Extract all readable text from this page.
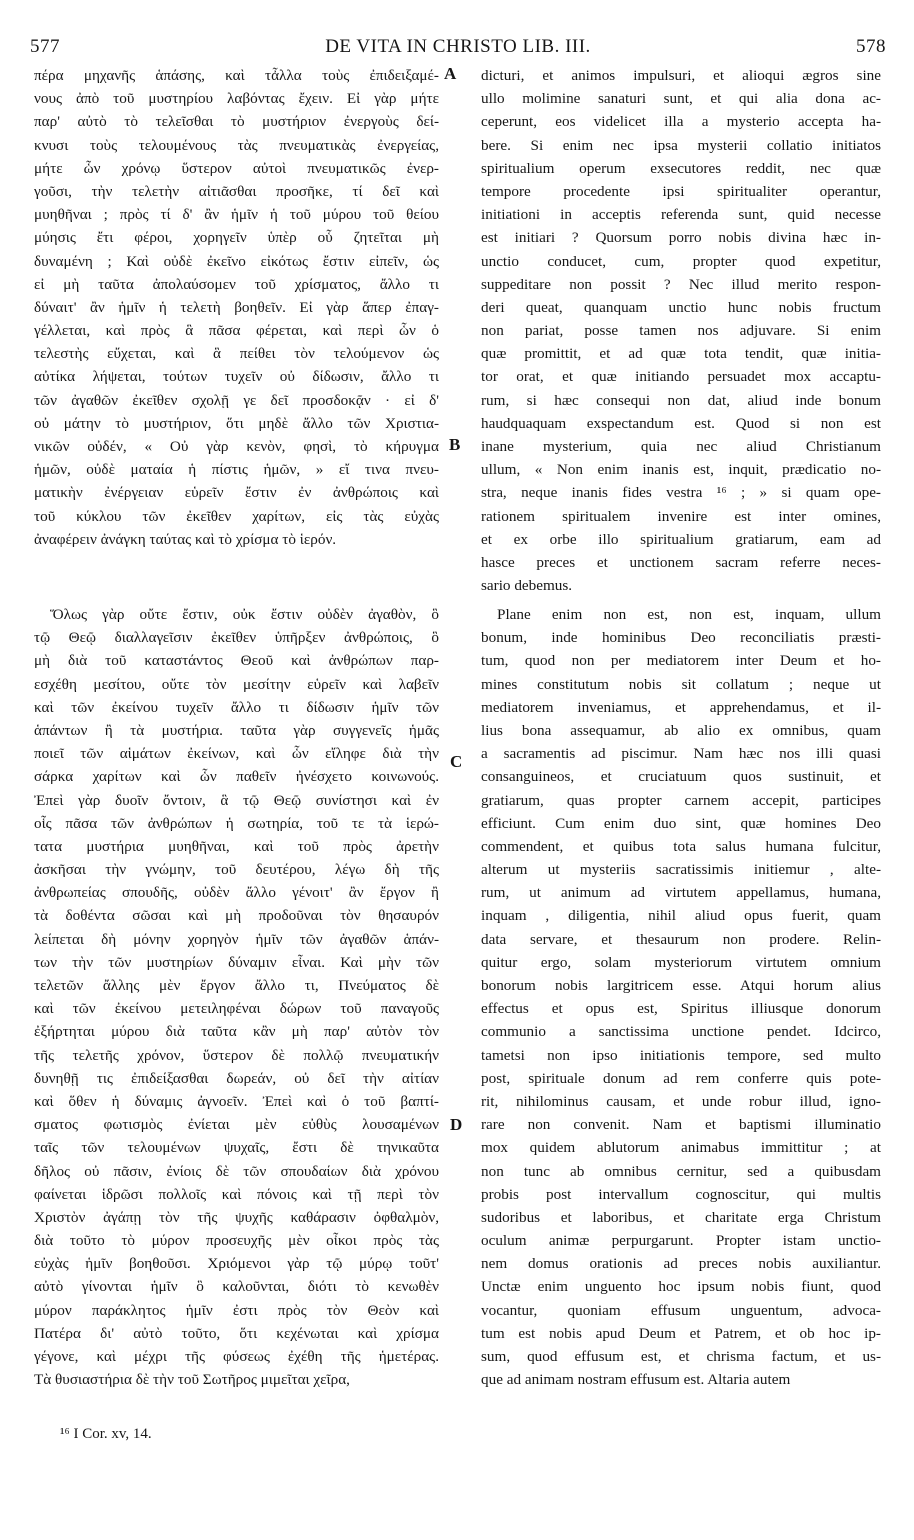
577	DE VITA IN CHRISTO LIB. III.	578
πέρα μηχανῆς ἁπάσης, καὶ τἆλλα τοὺς ἐπιδειξαμέ-
νους ἀπὸ τοῦ μυστηρίου λαβόντας ἔχειν. Εἰ γὰρ μήτε
παρ' αὐτὸ τὸ τελεῖσθαι τὸ μυστήριον ἐνεργοὺς δεί-
κνυσι τοὺς τελουμένους τὰς πνευματικὰς ἐνεργείας,
μήτε ὧν χρόνῳ ὕστερον αὐτοὶ πνευματικῶς ἐνερ-
γοῦσι, τὴν τελετὴν αἰτιᾶσθαι προσῆκε, τί δεῖ καὶ
μυηθῆναι ; πρὸς τί δ' ἂν ἡμῖν ἡ τοῦ μύρου τοῦ θείου
μύησις ἔτι φέροι, χορηγεῖν ὑπὲρ οὗ ζητεῖται μὴ
δυναμένη ; Καὶ οὐδὲ ἐκεῖνο εἰκότως ἔστιν εἰπεῖν, ὡς
εἰ μὴ ταῦτα ἀπολαύσομεν τοῦ χρίσματος, ἄλλο τι
δύναιτ' ἂν ἡμῖν ἡ τελετὴ βοηθεῖν. Εἰ γὰρ ἅπερ ἐπαγ-
γέλλεται, καὶ πρὸς ἃ πᾶσα φέρεται, καὶ περὶ ὧν ὁ
τελεστὴς εὔχεται, καὶ ἃ πείθει τὸν τελούμενον ὡς
αὐτίκα λήψεται, τούτων τυχεῖν οὐ δίδωσιν, ἄλλο τι
τῶν ἀγαθῶν ἐκεῖθεν σχολῇ γε δεῖ προσδοκᾷν · εἰ δ'
οὐ μάτην τὸ μυστήριον, ὅτι μηδὲ ἄλλο τῶν Χριστια-
νικῶν οὐδέν, « Οὐ γὰρ κενὸν, φησὶ, τὸ κήρυγμα
ἡμῶν, οὐδὲ ματαία ἡ πίστις ἡμῶν, » εἴ τινα πνευ-
ματικὴν ἐνέργειαν εὑρεῖν ἔστιν ἐν ἀνθρώποις καὶ
τοῦ κύκλου τῶν ἐκεῖθεν χαρίτων, εἰς τὰς εὐχὰς
ἀναφέρειν ἀνάγκη ταύτας καὶ τὸ χρίσμα τὸ ἱερόν.
dicturi, et animos impulsuri, et alioqui ægros sine
ullo molimine sanaturi sunt, et qui alia dona ac-
ceperunt, eos videlicet illa a mysterio accepta ha-
bere. Si enim nec ipsa mysterii collatio initiatos
spiritualium operum exsecutores reddit, nec quæ
tempore procedente ipsi spiritualiter operantur,
initiationi in acceptis referenda sunt, quid necesse
est initiari ? Quorsum porro nobis divina hæc in-
unctio conducet, cum, propter quod expetitur,
suppeditare non possit ? Nec illud merito respon-
deri queat, quanquam unctio hunc nobis fructum
non pariat, posse tamen nos adjuvare. Si enim
quæ promittit, et ad quæ tota tendit, quæ initia-
tor orat, et quæ initiando persuadet mox accaptu-
rum, si hæc consequi non dat, aliud inde bonum
haudquaquam exspectandum est. Quod si non est
inane mysterium, quia nec aliud Christianum
ullum, « Non enim inanis est, inquit, prædicatio no-
stra, neque inanis fides vestra ¹⁶ ; » si quam ope-
rationem spiritualem invenire est inter omines,
et ex orbe illo spiritualium gratiarum, eam ad
hasce preces et unctionem sacram referre neces-
sario debemus.
Ὅλως γὰρ οὔτε ἔστιν, οὐκ ἔστιν οὐδὲν ἀγαθὸν, ὃ
τῷ Θεῷ διαλλαγεῖσιν ἐκεῖθεν ὑπῆρξεν ἀνθρώποις, ὃ
μὴ διὰ τοῦ καταστάντος Θεοῦ καὶ ἀνθρώπων παρ-
εσχέθη μεσίτου, οὔτε τὸν μεσίτην εὑρεῖν καὶ λαβεῖν
καὶ τῶν ἐκείνου τυχεῖν ἄλλο τι δίδωσιν ἡμῖν τῶν
ἁπάντων ἢ τὰ μυστήρια. ταῦτα γὰρ συγγενεῖς ἡμᾶς
ποιεῖ τῶν αἱμάτων ἐκείνων, καὶ ὧν εἴληφε διὰ τὴν
σάρκα χαρίτων καὶ ὧν παθεῖν ἠνέσχετο κοινωνούς.
Ἐπεὶ γὰρ δυοῖν ὄντοιν, ἃ τῷ Θεῷ συνίστησι καὶ ἐν
οἷς πᾶσα τῶν ἀνθρώπων ἡ σωτηρία, τοῦ τε τὰ ἱερώ-
τατα μυστήρια μυηθῆναι, καὶ τοῦ πρὸς ἀρετὴν
ἀσκῆσαι τὴν γνώμην, τοῦ δευτέρου, λέγω δὴ τῆς
ἀνθρωπείας σπουδῆς, οὐδὲν ἄλλο γένοιτ' ἂν ἔργον ἢ
τὰ δοθέντα σῶσαι καὶ μὴ προδοῦναι τὸν θησαυρόν
λείπεται δὴ μόνην χορηγὸν ἡμῖν τῶν ἀγαθῶν ἁπάν-
των τὴν τῶν μυστηρίων δύναμιν εἶναι. Καὶ μὴν τῶν
τελετῶν ἄλλης μὲν ἔργον ἄλλο τι, Πνεύματος δὲ
καὶ τῶν ἐκείνου μετειληφέναι δώρων τοῦ παναγοῦς
ἐξήρτηται μύρου διὰ ταῦτα κἂν μὴ παρ' αὐτὸν τὸν
τῆς τελετῆς χρόνον, ὕστερον δὲ πολλῷ πνευματικήν
δυνηθῇ τις ἐπιδείξασθαι δωρεάν, οὐ δεῖ τὴν αἰτίαν
καὶ ὅθεν ἡ δύναμις ἀγνοεῖν. Ἐπεὶ καὶ ὁ τοῦ βαπτί-
σματος φωτισμὸς ἐνίεται μὲν εὐθὺς λουσαμένων
ταῖς τῶν τελουμένων ψυχαῖς, ἔστι δὲ τηνικαῦτα
δῆλος οὐ πᾶσιν, ἐνίοις δὲ τῶν σπουδαίων διὰ χρόνου
φαίνεται ἱδρῶσι πολλοῖς καὶ πόνοις καὶ τῇ περὶ τὸν
Χριστὸν ἀγάπῃ τὸν τῆς ψυχῆς καθάρασιν ὀφθαλμὸν,
διὰ τοῦτο τὸ μύρον προσευχῆς μὲν οἶκοι πρὸς τὰς
εὐχὰς ἡμῖν βοηθοῦσι. Χριόμενοι γὰρ τῷ μύρῳ τοῦτ'
αὐτὸ γίνονται ἡμῖν ὃ καλοῦνται, διότι τὸ κενωθὲν
μύρον παράκλητος ἡμῖν ἐστι πρὸς τὸν Θεὸν καὶ
Πατέρα δι' αὐτὸ τοῦτο, ὅτι κεχένωται καὶ χρίσμα
γέγονε, καὶ μέχρι τῆς φύσεως ἐχέθη τῆς ἡμετέρας.
Τὰ θυσιαστήρια δὲ τὴν τοῦ Σωτῆρος μιμεῖται χεῖρα,
Plane enim non est, non est, inquam, ullum
bonum, inde hominibus Deo reconciliatis præsti-
tum, quod non per mediatorem inter Deum et ho-
mines constitutum nobis sit collatum ; neque ut
mediatorem inveniamus, et apprehendamus, et il-
lius bona assequamur, ab alio ex omnibus, quam
a sacramentis ad piscimur. Nam hæc nos illi quasi
consanguineos, et cruciatuum quos sustinuit, et
gratiarum, quas propter carnem accepit, participes
efficiunt. Cum enim duo sint, quæ homines Deo
commendent, et quibus tota salus humana fulcitur,
alterum ut mysteriis sacratissimis initiemur , alte-
rum, ut animum ad virtutem appellamus, humana,
inquam , diligentia, nihil aliud opus fuerit, quam
data servare, et thesaurum non prodere. Relin-
quitur ergo, solam mysteriorum virtutem omnium
bonorum nobis largitricem esse. Atqui horum alius
effectus et opus est, Spiritus illiusque donorum
communio a sanctissima unctione pendet. Idcirco,
tametsi non ipso initiationis tempore, sed multo
post, spirituale donum ad rem conferre quis pote-
rit, nihilominus causam, et unde robur illud, igno-
rare non convenit. Nam et baptismi illuminatio
mox quidem ablutorum animabus immittitur ; at
non tunc ab omnibus cernitur, sed a quibusdam
probis post intervallum cognoscitur, qui multis
sudoribus et laboribus, et charitate erga Christum
oculum animæ perpurgarunt. Propter istam unctio-
nem domus orationis ad preces nobis auxiliantur.
Unctæ enim unguento hoc ipsum nobis fiunt, quod
vocantur, quoniam effusum unguentum, advoca-
tum est nobis apud Deum et Patrem, et ob hoc ip-
sum, quod effusum est, et chrisma factum, et us-
que ad animam nostram effusum est. Altaria autem
A
B
C
D
¹⁶ I Cor. xv, 14.
